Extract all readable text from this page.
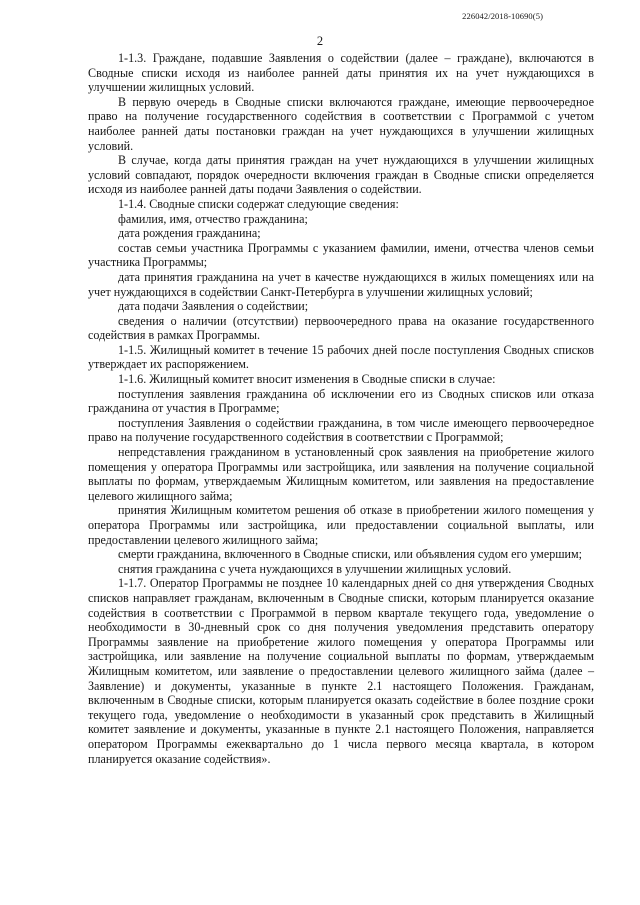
226042/2018-10690(5)
2

1-1.3. Граждане, подавшие Заявления о содействии (далее – граждане), включаются в Сводные списки исходя из наиболее ранней даты принятия их на учет нуждающихся в улучшении жилищных условий.

В первую очередь в Сводные списки включаются граждане, имеющие первоочередное право на получение государственного содействия в соответствии с Программой с учетом наиболее ранней даты постановки граждан на учет нуждающихся в улучшении жилищных условий.

В случае, когда даты принятия граждан на учет нуждающихся в улучшении жилищных условий совпадают, порядок очередности включения граждан в Сводные списки определяется исходя из наиболее ранней даты подачи Заявления о содействии.

1-1.4. Сводные списки содержат следующие сведения:

фамилия, имя, отчество гражданина;

дата рождения гражданина;

состав семьи участника Программы с указанием фамилии, имени, отчества членов семьи участника Программы;

дата принятия гражданина на учет в качестве нуждающихся в жилых помещениях или на учет нуждающихся в содействии Санкт-Петербурга в улучшении жилищных условий;

дата подачи Заявления о содействии;

сведения о наличии (отсутствии) первоочередного права на оказание государственного содействия в рамках Программы.

1-1.5. Жилищный комитет в течение 15 рабочих дней после поступления Сводных списков утверждает их распоряжением.

1-1.6. Жилищный комитет вносит изменения в Сводные списки в случае:

поступления заявления гражданина об исключении его из Сводных списков или отказа гражданина от участия в Программе;

поступления Заявления о содействии гражданина, в том числе имеющего первоочередное право на получение государственного содействия в соответствии с Программой;

непредставления гражданином в установленный срок заявления на приобретение жилого помещения у оператора Программы или застройщика, или заявления на получение социальной выплаты по формам, утверждаемым Жилищным комитетом, или заявления на предоставление целевого жилищного займа;

принятия Жилищным комитетом решения об отказе в приобретении жилого помещения у оператора Программы или застройщика, или предоставлении социальной выплаты, или предоставлении целевого жилищного займа;

смерти гражданина, включенного в Сводные списки, или объявления судом его умершим;

снятия гражданина с учета нуждающихся в улучшении жилищных условий.

1-1.7. Оператор Программы не позднее 10 календарных дней со дня утверждения Сводных списков направляет гражданам, включенным в Сводные списки, которым планируется оказание содействия в соответствии с Программой в первом квартале текущего года, уведомление о необходимости в 30-дневный срок со дня получения уведомления представить оператору Программы заявление на приобретение жилого помещения у оператора Программы или застройщика, или заявление на получение социальной выплаты по формам, утверждаемым Жилищным комитетом, или заявление о предоставлении целевого жилищного займа (далее – Заявление) и документы, указанные в пункте 2.1 настоящего Положения. Гражданам, включенным в Сводные списки, которым планируется оказать содействие в более поздние сроки текущего года, уведомление о необходимости в указанный срок представить в Жилищный комитет заявление и документы, указанные в пункте 2.1 настоящего Положения, направляется оператором Программы ежеквартально до 1 числа первого месяца квартала, в котором планируется оказание содействия».
